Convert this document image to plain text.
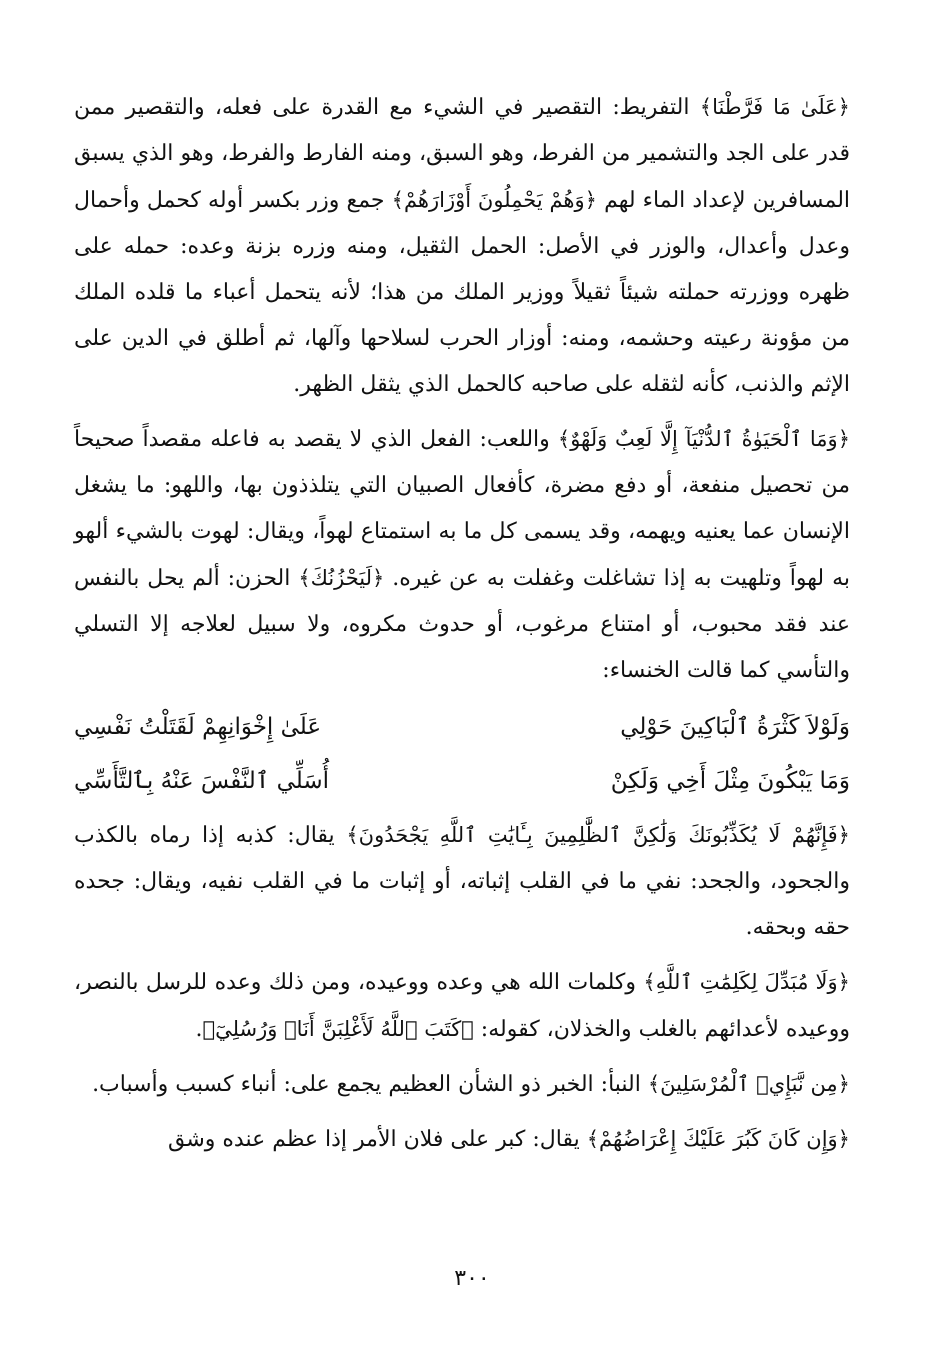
﴿عَلَىٰ مَا فَرَّطْنَا﴾ التفريط: التقصير في الشيء مع القدرة على فعله، والتقصير ممن قدر على الجد والتشمير من الفرط، وهو السبق، ومنه الفارط والفرط، وهو الذي يسبق المسافرين لإعداد الماء لهم ﴿وَهُمْ يَحْمِلُونَ أَوْزَارَهُمْ﴾ جمع وزر بكسر أوله كحمل وأحمال وعدل وأعدال، والوزر في الأصل: الحمل الثقيل، ومنه وزره بزنة وعده: حمله على ظهره ووزرته حملته شيئاً ثقيلاً ووزير الملك من هذا؛ لأنه يتحمل أعباء ما قلده الملك من مؤونة رعيته وحشمه، ومنه: أوزار الحرب لسلاحها وآلها، ثم أطلق في الدين على الإثم والذنب، كأنه لثقله على صاحبه كالحمل الذي يثقل الظهر.

﴿وَمَا ٱلْحَيَوٰةُ ٱلدُّنْيَآ إِلَّا لَعِبٌ وَلَهْوٌ﴾ واللعب: الفعل الذي لا يقصد به فاعله مقصداً صحيحاً من تحصيل منفعة، أو دفع مضرة، كأفعال الصبيان التي يتلذذون بها، واللهو: ما يشغل الإنسان عما يعنيه ويهمه، وقد يسمى كل ما به استمتاع لهواً، ويقال: لهوت بالشيء ألهو به لهواً وتلهيت به إذا تشاغلت وغفلت به عن غيره. ﴿لَيَحْزُنُكَ﴾ الحزن: ألم يحل بالنفس عند فقد محبوب، أو امتناع مرغوب، أو حدوث مكروه، ولا سبيل لعلاجه إلا التسلي والتأسي كما قالت الخنساء:

وَلَوْلاَ كَثْرَةُ ٱلْبَاكِينَ حَوْلِي
عَلَىٰ إِخْوَانِهِمْ لَقَتَلْتُ نَفْسِي
وَمَا يَبْكُونَ مِثْلَ أَخِي وَلَكِنْ
أُسَلِّي ٱلنَّفْسَ عَنْهُ بِٱلتَّأَسِّي

﴿فَإِنَّهُمْ لَا يُكَذِّبُونَكَ وَلَٰكِنَّ ٱلظَّٰلِمِينَ بِـَٔايَٰتِ ٱللَّهِ يَجْحَدُونَ﴾ يقال: كذبه إذا رماه بالكذب والجحود، والجحد: نفي ما في القلب إثباته، أو إثبات ما في القلب نفيه، ويقال: جحده حقه وبحقه.

﴿وَلَا مُبَدِّلَ لِكَلِمَٰتِ ٱللَّهِ﴾ وكلمات الله هي وعده ووعيده، ومن ذلك وعده للرسل بالنصر، ووعيده لأعدائهم بالغلب والخذلان، كقوله: ﴿كَتَبَ ٱللَّهُ لَأَغْلِبَنَّ أَنَا۠ وَرُسُلِيٓ﴾.

﴿مِن نَّبَإِي۟ ٱلْمُرْسَلِينَ﴾ النبأ: الخبر ذو الشأن العظيم يجمع على: أنباء كسبب وأسباب.

﴿وَإِن كَانَ كَبُرَ عَلَيْكَ إِعْرَاضُهُمْ﴾ يقال: كبر على فلان الأمر إذا عظم عنده وشق

٣٠٠
